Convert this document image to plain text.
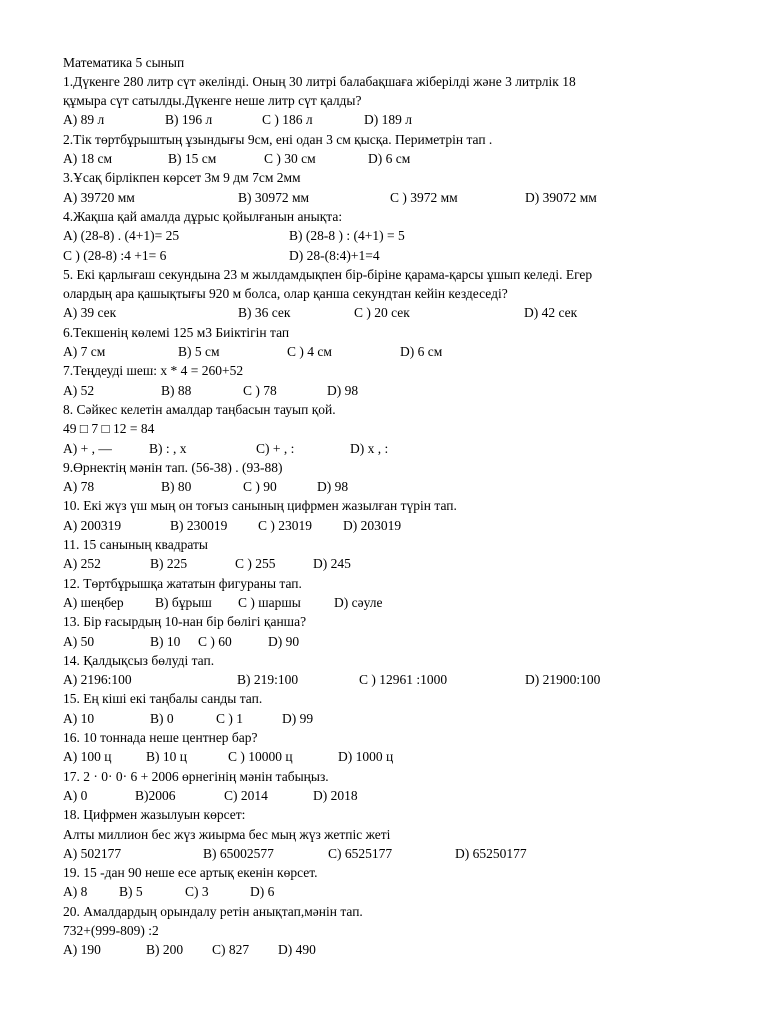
Математика 5 сынып
1.Дүкенге 280 литр сүт әкелінді. Оның 30 литрі балабақшаға жіберілді және 3 литрлік 18
құмыра сүт сатылды.Дүкенге неше литр сүт қалды?
A) 89 л	B) 196 л	C ) 186 л	D) 189 л
2.Тік төртбұрыштың ұзындығы 9см, ені одан 3 см қысқа. Периметрін тап .
A) 18 см	B) 15 см	C ) 30 см	D) 6 см
3.Ұсақ бірлікпен көрсет 3м 9 дм 7см 2мм
A) 39720 мм	B) 30972 мм	C ) 3972 мм	D) 39072 мм
4.Жақша қай амалда дұрыс қойылғанын анықта:
A) (28-8) . (4+1)= 25	B) (28-8 ) : (4+1) = 5
C ) (28-8) :4 +1= 6	D) 28-(8:4)+1=4
5. Екі қарлығаш секундына 23 м жылдамдықпен бір-біріне қарама-қарсы ұшып келеді. Егер
олардың ара қашықтығы 920 м болса, олар қанша секундтан кейін кездеседі?
A) 39 сек	B) 36 сек	C ) 20 сек	D) 42 сек
6.Текшенің көлемі 125 м3 Биіктігін тап
A) 7 см	B) 5 см	C ) 4 см	D) 6 см
7.Теңдеуді шеш: x * 4 = 260+52
A) 52	B) 88	C ) 78	D) 98
8. Сәйкес келетін амалдар таңбасын тауып қой.
49 □ 7 □ 12 = 84
A) + , —	B) : , x	C) + , :	D) x , :
9.Өрнектің мәнін тап. (56-38) . (93-88)
A) 78	B) 80	C ) 90	D) 98
10. Екі жүз үш мың он тоғыз санының цифрмен жазылған түрін тап.
A) 200319	B) 230019 C ) 23019 D) 203019
11. 15 санының квадраты
A) 252	B) 225	C ) 255	D) 245
12. Төртбұрышқа жататын фигураны тап.
A) шеңбер B) бұрыш C ) шаршы D) сәуле
13. Бір ғасырдың 10-нан бір бөлігі қанша?
A) 50	B) 10 C ) 60	D) 90
14. Қалдықсыз бөлуді тап.
A) 2196:100	B) 219:100	C ) 12961 :1000	D) 21900:100
15. Ең кіші екі таңбалы санды тап.
A) 10	B) 0	C ) 1	D) 99
16. 10 тоннада неше центнер бар?
A) 100 ц	B) 10 ц	C ) 10000 ц	D) 1000 ц
17. 2 · 0· 0· 6 + 2006 өрнегінің мәнін табыңыз.
A) 0	B)2006	C) 2014	D) 2018
18. Цифрмен жазылуын көрсет:
Алты миллион бес жүз жиырма бес мың жүз жетпіс жеті
A) 502177	B) 65002577	C) 6525177	D) 65250177
19. 15 -дан 90 неше есе артық екенін көрсет.
A) 8 B) 5	C) 3	D) 6
20. Амалдардың орындалу ретін анықтап,мәнін тап.
732+(999-809) :2
A) 190	B) 200 C) 827 D) 490
